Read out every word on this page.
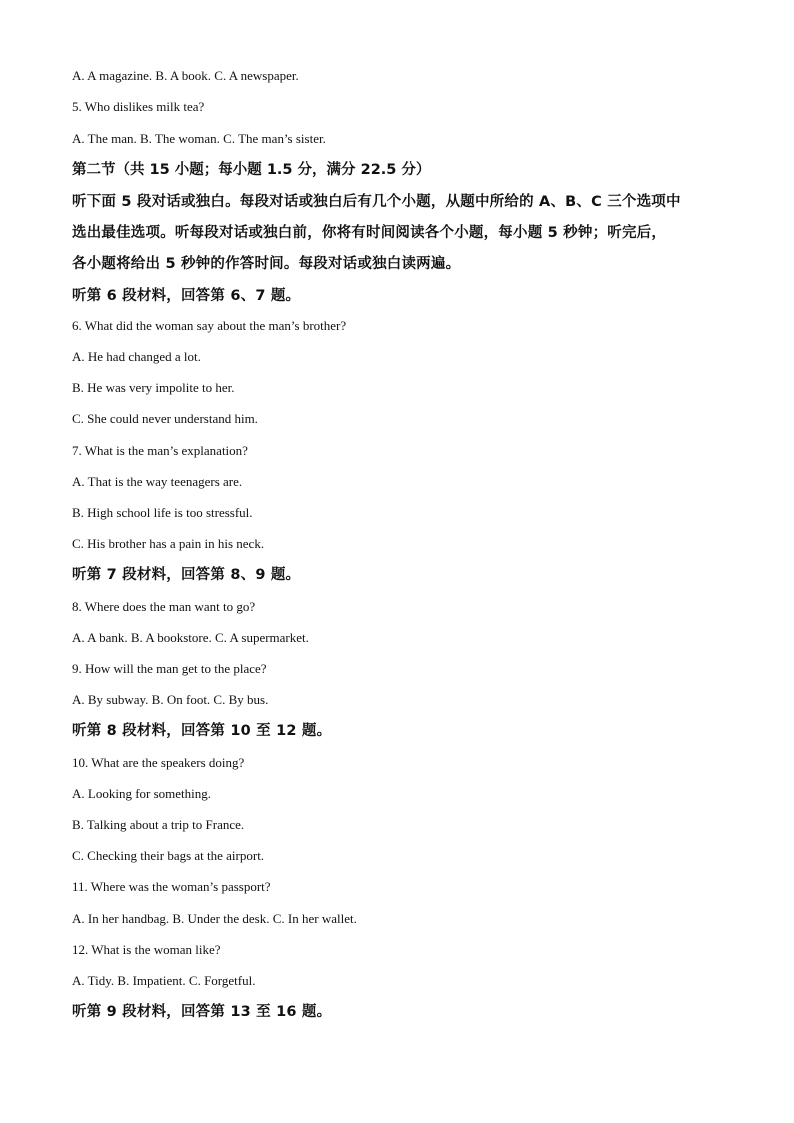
A. A magazine. B. A book. C. A newspaper.
5. Who dislikes milk tea?
A. The man. B. The woman. C. The man’s sister.
第二节（共 15 小题；每小题 1.5 分，满分 22.5 分）
听下面 5 段对话或独白。每段对话或独白后有几个小题，从题中所给的 A、B、C 三个选项中
选出最佳选项。听每段对话或独白前，你将有时间阅读各个小题，每小题 5 秒钟；听完后，
各小题将给出 5 秒钟的作答时间。每段对话或独白读两遍。
听第 6 段材料，回答第 6、7 题。
6. What did the woman say about the man’s brother?
A. He had changed a lot.
B. He was very impolite to her.
C. She could never understand him.
7. What is the man’s explanation?
A. That is the way teenagers are.
B. High school life is too stressful.
C. His brother has a pain in his neck.
听第 7 段材料，回答第 8、9 题。
8. Where does the man want to go?
A. A bank. B. A bookstore. C. A supermarket.
9. How will the man get to the place?
A. By subway. B. On foot. C. By bus.
听第 8 段材料，回答第 10 至 12 题。
10. What are the speakers doing?
A. Looking for something.
B. Talking about a trip to France.
C. Checking their bags at the airport.
11. Where was the woman’s passport?
A. In her handbag. B. Under the desk. C. In her wallet.
12. What is the woman like?
A. Tidy. B. Impatient. C. Forgetful.
听第 9 段材料，回答第 13 至 16 题。
